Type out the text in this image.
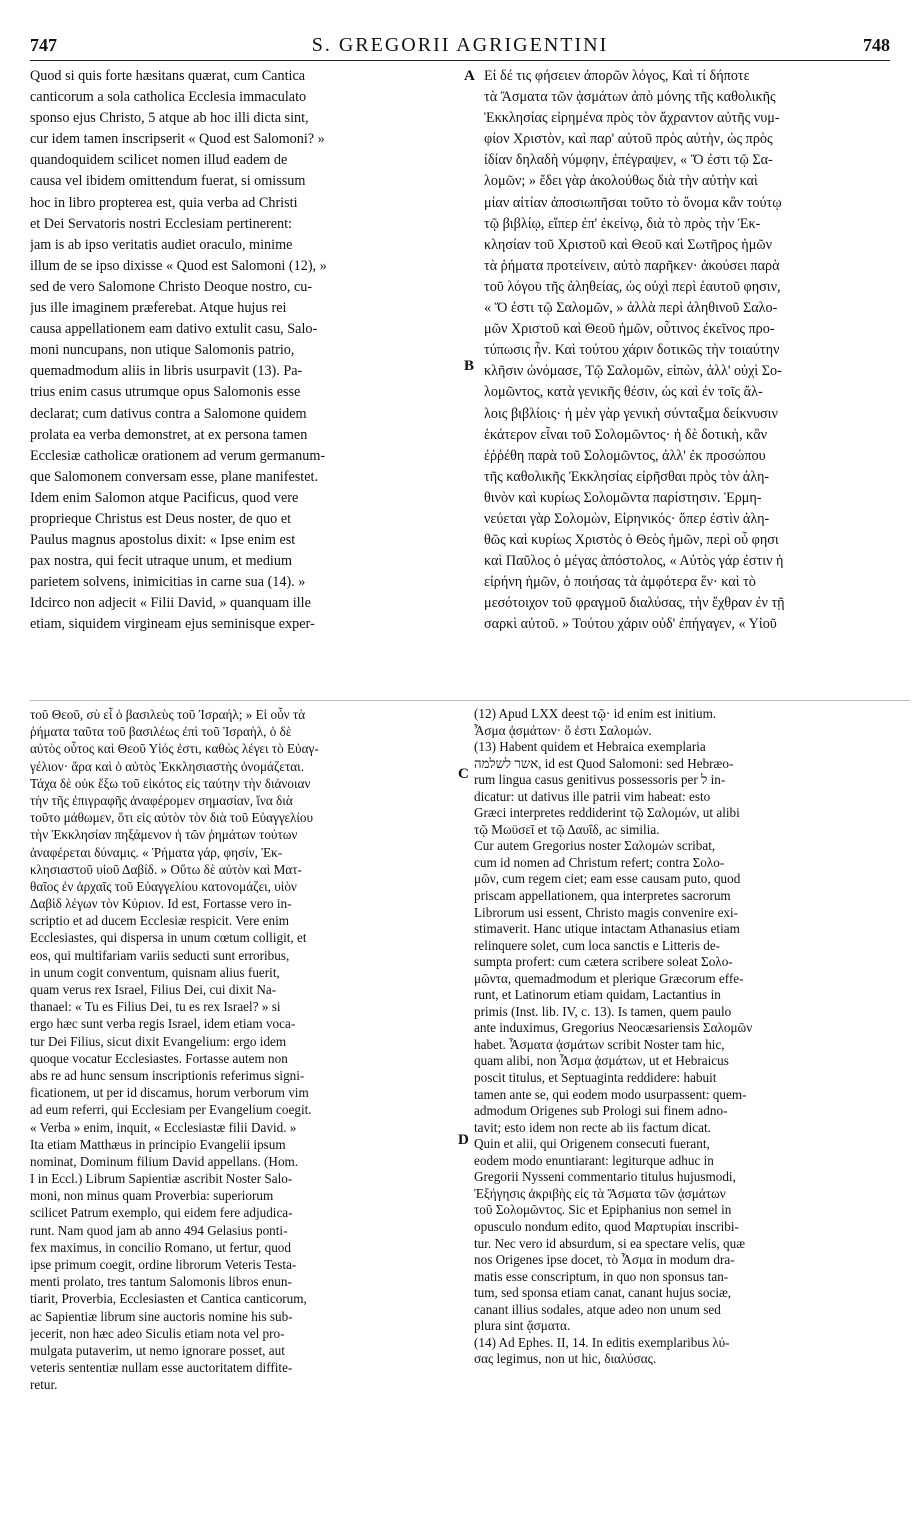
747	S. GREGORII AGRIGENTINI	748
Quod si quis forte hæsitans quærat, cum Cantica
canticorum a sola catholica Ecclesia immaculato
sponso ejus Christo, 5 atque ab hoc illi dicta sint,
cur idem tamen inscripserit « Quod est Salomoni? »
quandoquidem scilicet nomen illud eadem de
causa vel ibidem omittendum fuerat, si omissum
hoc in libro propterea est, quia verba ad Christi
et Dei Servatoris nostri Ecclesiam pertinerent:
jam is ab ipso veritatis audiet oraculo, minime
illum de se ipso dixisse « Quod est Salomoni (12), »
sed de vero Salomone Christo Deoque nostro, cu-
jus ille imaginem præferebat. Atque hujus rei
causa appellationem eam dativo extulit casu, Salo-
moni nuncupans, non utique Salomonis patrio,
quemadmodum aliis in libris usurpavit (13). Pa-
trius enim casus utrumque opus Salomonis esse
declarat; cum dativus contra a Salomone quidem
prolata ea verba demonstret, at ex persona tamen
Ecclesiæ catholicæ orationem ad verum germanum-
que Salomonem conversam esse, plane manifestet.
Idem enim Salomon atque Pacificus, quod vere
proprieque Christus est Deus noster, de quo et
Paulus magnus apostolus dixit: « Ipse enim est
pax nostra, qui fecit utraque unum, et medium
parietem solvens, inimicitias in carne sua (14). »
Idcirco non adjecit « Filii David, » quanquam ille
etiam, siquidem virgineam ejus seminisque exper-
Εἰ δέ τις φήσειεν ἀπορῶν λόγος, Καὶ τί δήποτε
τὰ Ἄσματα τῶν ᾀσμάτων ἀπὸ μόνης τῆς καθολικῆς
Ἐκκλησίας εἰρημένα πρὸς τὸν ἄχραντον αὐτῆς νυμ-
φίον Χριστὸν, καὶ παρ' αὐτοῦ πρὸς αὐτὴν, ὡς πρὸς
ἰδίαν δηλαδὴ νύμφην, ἐπέγραψεν, « Ὅ ἐστι τῷ Σα-
λομῶν; » ἔδει γὰρ ἀκολούθως διὰ τὴν αὐτὴν καὶ
μίαν αἰτίαν ἀποσιωπῆσαι τοῦτο τὸ ὄνομα κἂν τούτῳ
τῷ βιβλίῳ, εἴπερ ἐπ' ἐκείνῳ, διὰ τὸ πρὸς τὴν Ἐκ-
κλησίαν τοῦ Χριστοῦ καὶ Θεοῦ καὶ Σωτῆρος ἡμῶν
τὰ ῥήματα προτείνειν, αὐτὸ παρῆκεν· ἀκούσει παρὰ
τοῦ λόγου τῆς ἀληθείας, ὡς οὐχὶ περὶ ἑαυτοῦ φησιν,
« Ὅ ἐστι τῷ Σαλομῶν, » ἀλλὰ περὶ ἀληθινοῦ Σαλο-
μῶν Χριστοῦ καὶ Θεοῦ ἡμῶν, οὗτινος ἐκεῖνος προ-
τύπωσις ἦν. Καὶ τούτου χάριν δοτικῶς τὴν τοιαύτην
κλῆσιν ὠνόμασε, Τῷ Σαλομῶν, εἰπὼν, ἀλλ' οὐχὶ Σο-
λομῶντος, κατὰ γενικῆς θέσιν, ὡς καὶ ἐν τοῖς ἄλ-
λοις βιβλίοις· ἡ μὲν γὰρ γενικὴ σύνταξμα δείκνυσιν
ἑκάτερον εἶναι τοῦ Σολομῶντος· ἡ δὲ δοτικὴ, κἂν
ἐῤῥέθη παρὰ τοῦ Σολομῶντος, ἀλλ' ἐκ προσώπου
τῆς καθολικῆς Ἐκκλησίας εἰρῆσθαι πρὸς τὸν ἀλη-
θινὸν καὶ κυρίως Σολομῶντα παρίστησιν. Ἑρμη-
νεύεται γὰρ Σολομὼν, Εἰρηνικός· ὅπερ ἐστὶν ἀλη-
θῶς καὶ κυρίως Χριστὸς ὁ Θεὸς ἡμῶν, περὶ οὗ φησι
καὶ Παῦλος ὁ μέγας ἀπόστολος, « Αὐτὸς γάρ ἐστιν ἡ
εἰρήνη ἡμῶν, ὁ ποιήσας τὰ ἀμφότερα ἕν· καὶ τὸ
μεσότοιχον τοῦ φραγμοῦ διαλύσας, τὴν ἔχθραν ἐν τῇ
σαρκὶ αὐτοῦ. » Τούτου χάριν οὐδ' ἐπήγαγεν, « Υἱοῦ
A
B
C
D
τοῦ Θεοῦ, σὺ εἶ ὁ βασιλεὺς τοῦ Ἰσραήλ; » Εἰ οὖν τὰ
ῥήματα ταῦτα τοῦ βασιλέως ἐπὶ τοῦ Ἰσραὴλ, ὁ δὲ
αὐτὸς οὗτος καὶ Θεοῦ Υἱός ἐστι, καθὼς λέγει τὸ Εὐαγ-
γέλιον· ἄρα καὶ ὁ αὐτὸς Ἐκκλησιαστὴς ὀνομάζεται.
Τάχα δὲ οὐκ ἔξω τοῦ εἰκότος εἰς ταύτην τὴν διάνοιαν
τὴν τῆς ἐπιγραφῆς ἀναφέρομεν σημασίαν, ἵνα διὰ
τοῦτο μάθωμεν, ὅτι εἰς αὐτὸν τὸν διὰ τοῦ Εὐαγγελίου
τὴν Ἐκκλησίαν πηξάμενον ἡ τῶν ῥημάτων τούτων
ἀναφέρεται δύναμις. « Ῥήματα γάρ, φησίν, Ἐκ-
κλησιαστοῦ υἱοῦ Δαβίδ. » Οὕτω δὲ αὐτὸν καὶ Ματ-
θαῖος ἐν ἀρχαῖς τοῦ Εὐαγγελίου κατονομάζει, υἱὸν
Δαβὶδ λέγων τὸν Κύριον. Id est, Fortasse vero in-
scriptio et ad ducem Ecclesiæ respicit. Vere enim
Ecclesiastes, qui dispersa in unum cœtum colligit, et
eos, qui multifariam variis seducti sunt erroribus,
in unum cogit conventum, quisnam alius fuerit,
quam verus rex Israel, Filius Dei, cui dixit Na-
thanael: « Tu es Filius Dei, tu es rex Israel? » si
ergo hæc sunt verba regis Israel, idem etiam voca-
tur Dei Filius, sicut dixit Evangelium: ergo idem
quoque vocatur Ecclesiastes. Fortasse autem non
abs re ad hunc sensum inscriptionis referimus signi-
ficationem, ut per id discamus, horum verborum vim
ad eum referri, qui Ecclesiam per Evangelium coegit.
« Verba » enim, inquit, « Ecclesiastæ filii David. »
Ita etiam Matthæus in principio Evangelii ipsum
nominat, Dominum filium David appellans. (Hom.
I in Eccl.) Librum Sapientiæ ascribit Noster Salo-
moni, non minus quam Proverbia: superiorum
scilicet Patrum exemplo, qui eidem fere adjudica-
runt. Nam quod jam ab anno 494 Gelasius ponti-
fex maximus, in concilio Romano, ut fertur, quod
ipse primum coegit, ordine librorum Veteris Testa-
menti prolato, tres tantum Salomonis libros enun-
tiarit, Proverbia, Ecclesiasten et Cantica canticorum,
ac Sapientiæ librum sine auctoris nomine his sub-
jecerit, non hæc adeo Siculis etiam nota vel pro-
mulgata putaverim, ut nemo ignorare posset, aut
veteris sententiæ nullam esse auctoritatem diffite-
retur.
(12) Apud LXX deest τῷ· id enim est initium.
Ἆσμα ᾀσμάτων· ὅ ἐστι Σαλομών.
(13) Habent quidem et Hebraica exemplaria
אשר לשלמה, id est Quod Salomoni: sed Hebræo-
rum lingua casus genitivus possessoris per ל in-
dicatur: ut dativus ille patrii vim habeat: esto
Græci interpretes reddiderint τῷ Σαλομών, ut alibi
τῷ Μωϋσεῖ et τῷ Δαυΐδ, ac similia.
Cur autem Gregorius noster Σαλομών scribat,
cum id nomen ad Christum refert; contra Σολο-
μῶν, cum regem ciet; eam esse causam puto, quod
priscam appellationem, qua interpretes sacrorum
Librorum usi essent, Christo magis convenire exi-
stimaverit. Hanc utique intactam Athanasius etiam
relinquere solet, cum loca sanctis e Litteris de-
sumpta profert: cum cætera scribere soleat Σολο-
μῶντα, quemadmodum et plerique Græcorum effe-
runt, et Latinorum etiam quidam, Lactantius in
primis (Inst. lib. IV, c. 13). Is tamen, quem paulo
ante induximus, Gregorius Neocæsariensis Σαλομῶν
habet. Ἆσματα ᾀσμάτων scribit Noster tam hic,
quam alibi, non Ἆσμα ᾀσμάτων, ut et Hebraicus
poscit titulus, et Septuaginta reddidere: habuit
tamen ante se, qui eodem modo usurpassent: quem-
admodum Origenes sub Prologi sui finem adno-
tavit; esto idem non recte ab iis factum dicat.
Quin et alii, qui Origenem consecuti fuerant,
eodem modo enuntiarant: legiturque adhuc in
Gregorii Nysseni commentario titulus hujusmodi,
Ἐξήγησις ἀκριβὴς εἰς τὰ Ἄσματα τῶν ᾀσμάτων
τοῦ Σολομῶντος. Sic et Epiphanius non semel in
opusculo nondum edito, quod Μαρτυρίαι inscribi-
tur. Nec vero id absurdum, si ea spectare velis, quæ
nos Origenes ipse docet, τὸ Ἆσμα in modum dra-
matis esse conscriptum, in quo non sponsus tan-
tum, sed sponsa etiam canat, canant hujus sociæ,
canant illius sodales, atque adeo non unum sed
plura sint ᾄσματα.
(14) Ad Ephes. II, 14. In editis exemplaribus λύ-
σας legimus, non ut hic, διαλύσας.
